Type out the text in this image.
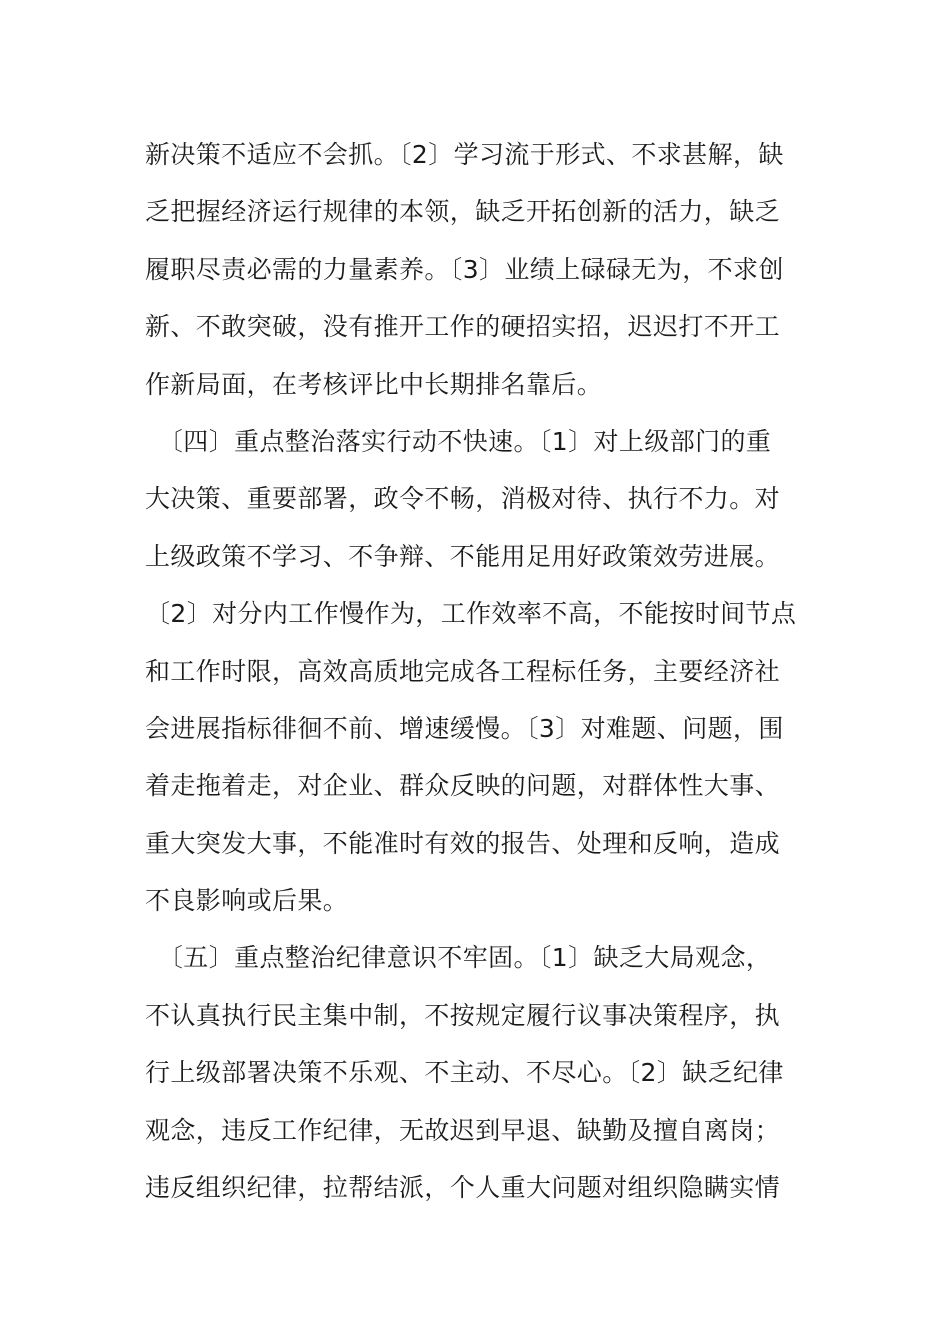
新决策不适应不会抓。〔2〕学习流于形式、不求甚解，缺
乏把握经济运行规律的本领，缺乏开拓创新的活力，缺乏
履职尽责必需的力量素养。〔3〕业绩上碌碌无为，不求创
新、不敢突破，没有推开工作的硬招实招，迟迟打不开工
作新局面，在考核评比中长期排名靠后。
　〔四〕重点整治落实行动不快速。〔1〕对上级部门的重
大决策、重要部署，政令不畅，消极对待、执行不力。对
上级政策不学习、不争辩、不能用足用好政策效劳进展。
〔2〕对分内工作慢作为，工作效率不高，不能按时间节点
和工作时限，高效高质地完成各工程标任务，主要经济社
会进展指标徘徊不前、增速缓慢。〔3〕对难题、问题，围
着走拖着走，对企业、群众反映的问题，对群体性大事、
重大突发大事，不能准时有效的报告、处理和反响，造成
不良影响或后果。
　〔五〕重点整治纪律意识不牢固。〔1〕缺乏大局观念，
不认真执行民主集中制，不按规定履行议事决策程序，执
行上级部署决策不乐观、不主动、不尽心。〔2〕缺乏纪律
观念，违反工作纪律，无故迟到早退、缺勤及擅自离岗；
违反组织纪律，拉帮结派，个人重大问题对组织隐瞒实情
